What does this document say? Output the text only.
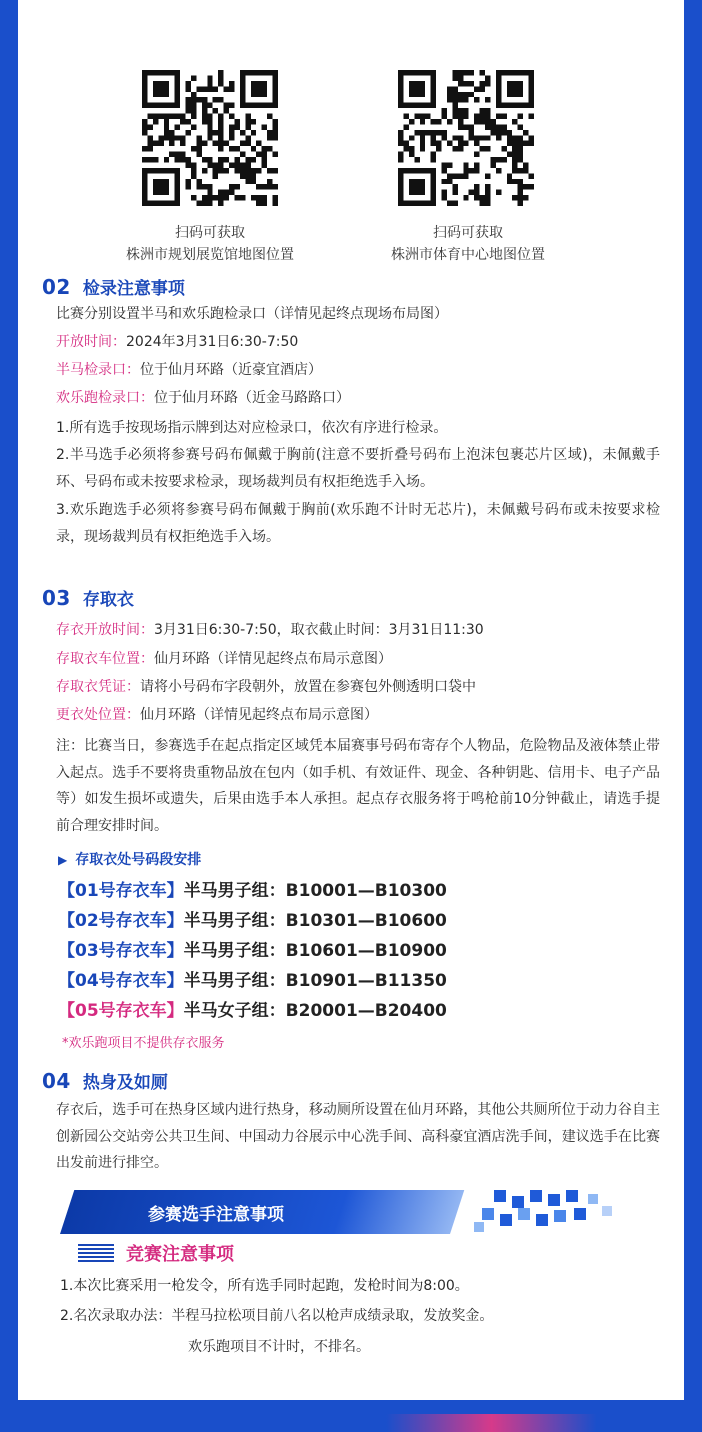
扫码可获取
株洲市规划展览馆地图位置
扫码可获取
株洲市体育中心地图位置
02 检录注意事项
比赛分别设置半马和欢乐跑检录口（详情见起终点现场布局图）
开放时间：2024年3月31日6:30-7:50
半马检录口：位于仙月环路（近豪宜酒店）
欢乐跑检录口：位于仙月环路（近金马路路口）
1.所有选手按现场指示牌到达对应检录口，依次有序进行检录。
2.半马选手必须将参赛号码布佩戴于胸前(注意不要折叠号码布上泡沫包裹芯片区域)，未佩戴手环、号码布或未按要求检录，现场裁判员有权拒绝选手入场。
3.欢乐跑选手必须将参赛号码布佩戴于胸前(欢乐跑不计时无芯片)，未佩戴号码布或未按要求检录，现场裁判员有权拒绝选手入场。
03 存取衣
存衣开放时间：3月31日6:30-7:50，取衣截止时间：3月31日11:30
存取衣车位置：仙月环路（详情见起终点布局示意图）
存取衣凭证：请将小号码布字段朝外，放置在参赛包外侧透明口袋中
更衣处位置：仙月环路（详情见起终点布局示意图）
注：比赛当日，参赛选手在起点指定区域凭本届赛事号码布寄存个人物品，危险物品及液体禁止带入起点。选手不要将贵重物品放在包内（如手机、有效证件、现金、各种钥匙、信用卡、电子产品等）如发生损坏或遗失，后果由选手本人承担。起点存衣服务将于鸣枪前10分钟截止，请选手提前合理安排时间。
▶ 存取衣处号码段安排
【01号存衣车】半马男子组：B10001—B10300
【02号存衣车】半马男子组：B10301—B10600
【03号存衣车】半马男子组：B10601—B10900
【04号存衣车】半马男子组：B10901—B11350
【05号存衣车】半马女子组：B20001—B20400
*欢乐跑项目不提供存衣服务
04 热身及如厕
存衣后，选手可在热身区域内进行热身，移动厕所设置在仙月环路，其他公共厕所位于动力谷自主创新园公交站旁公共卫生间、中国动力谷展示中心洗手间、高科豪宜酒店洗手间，建议选手在比赛出发前进行排空。
参赛选手注意事项
竞赛注意事项
1.本次比赛采用一枪发令，所有选手同时起跑，发枪时间为8:00。
2.名次录取办法：半程马拉松项目前八名以枪声成绩录取，发放奖金。
欢乐跑项目不计时，不排名。
